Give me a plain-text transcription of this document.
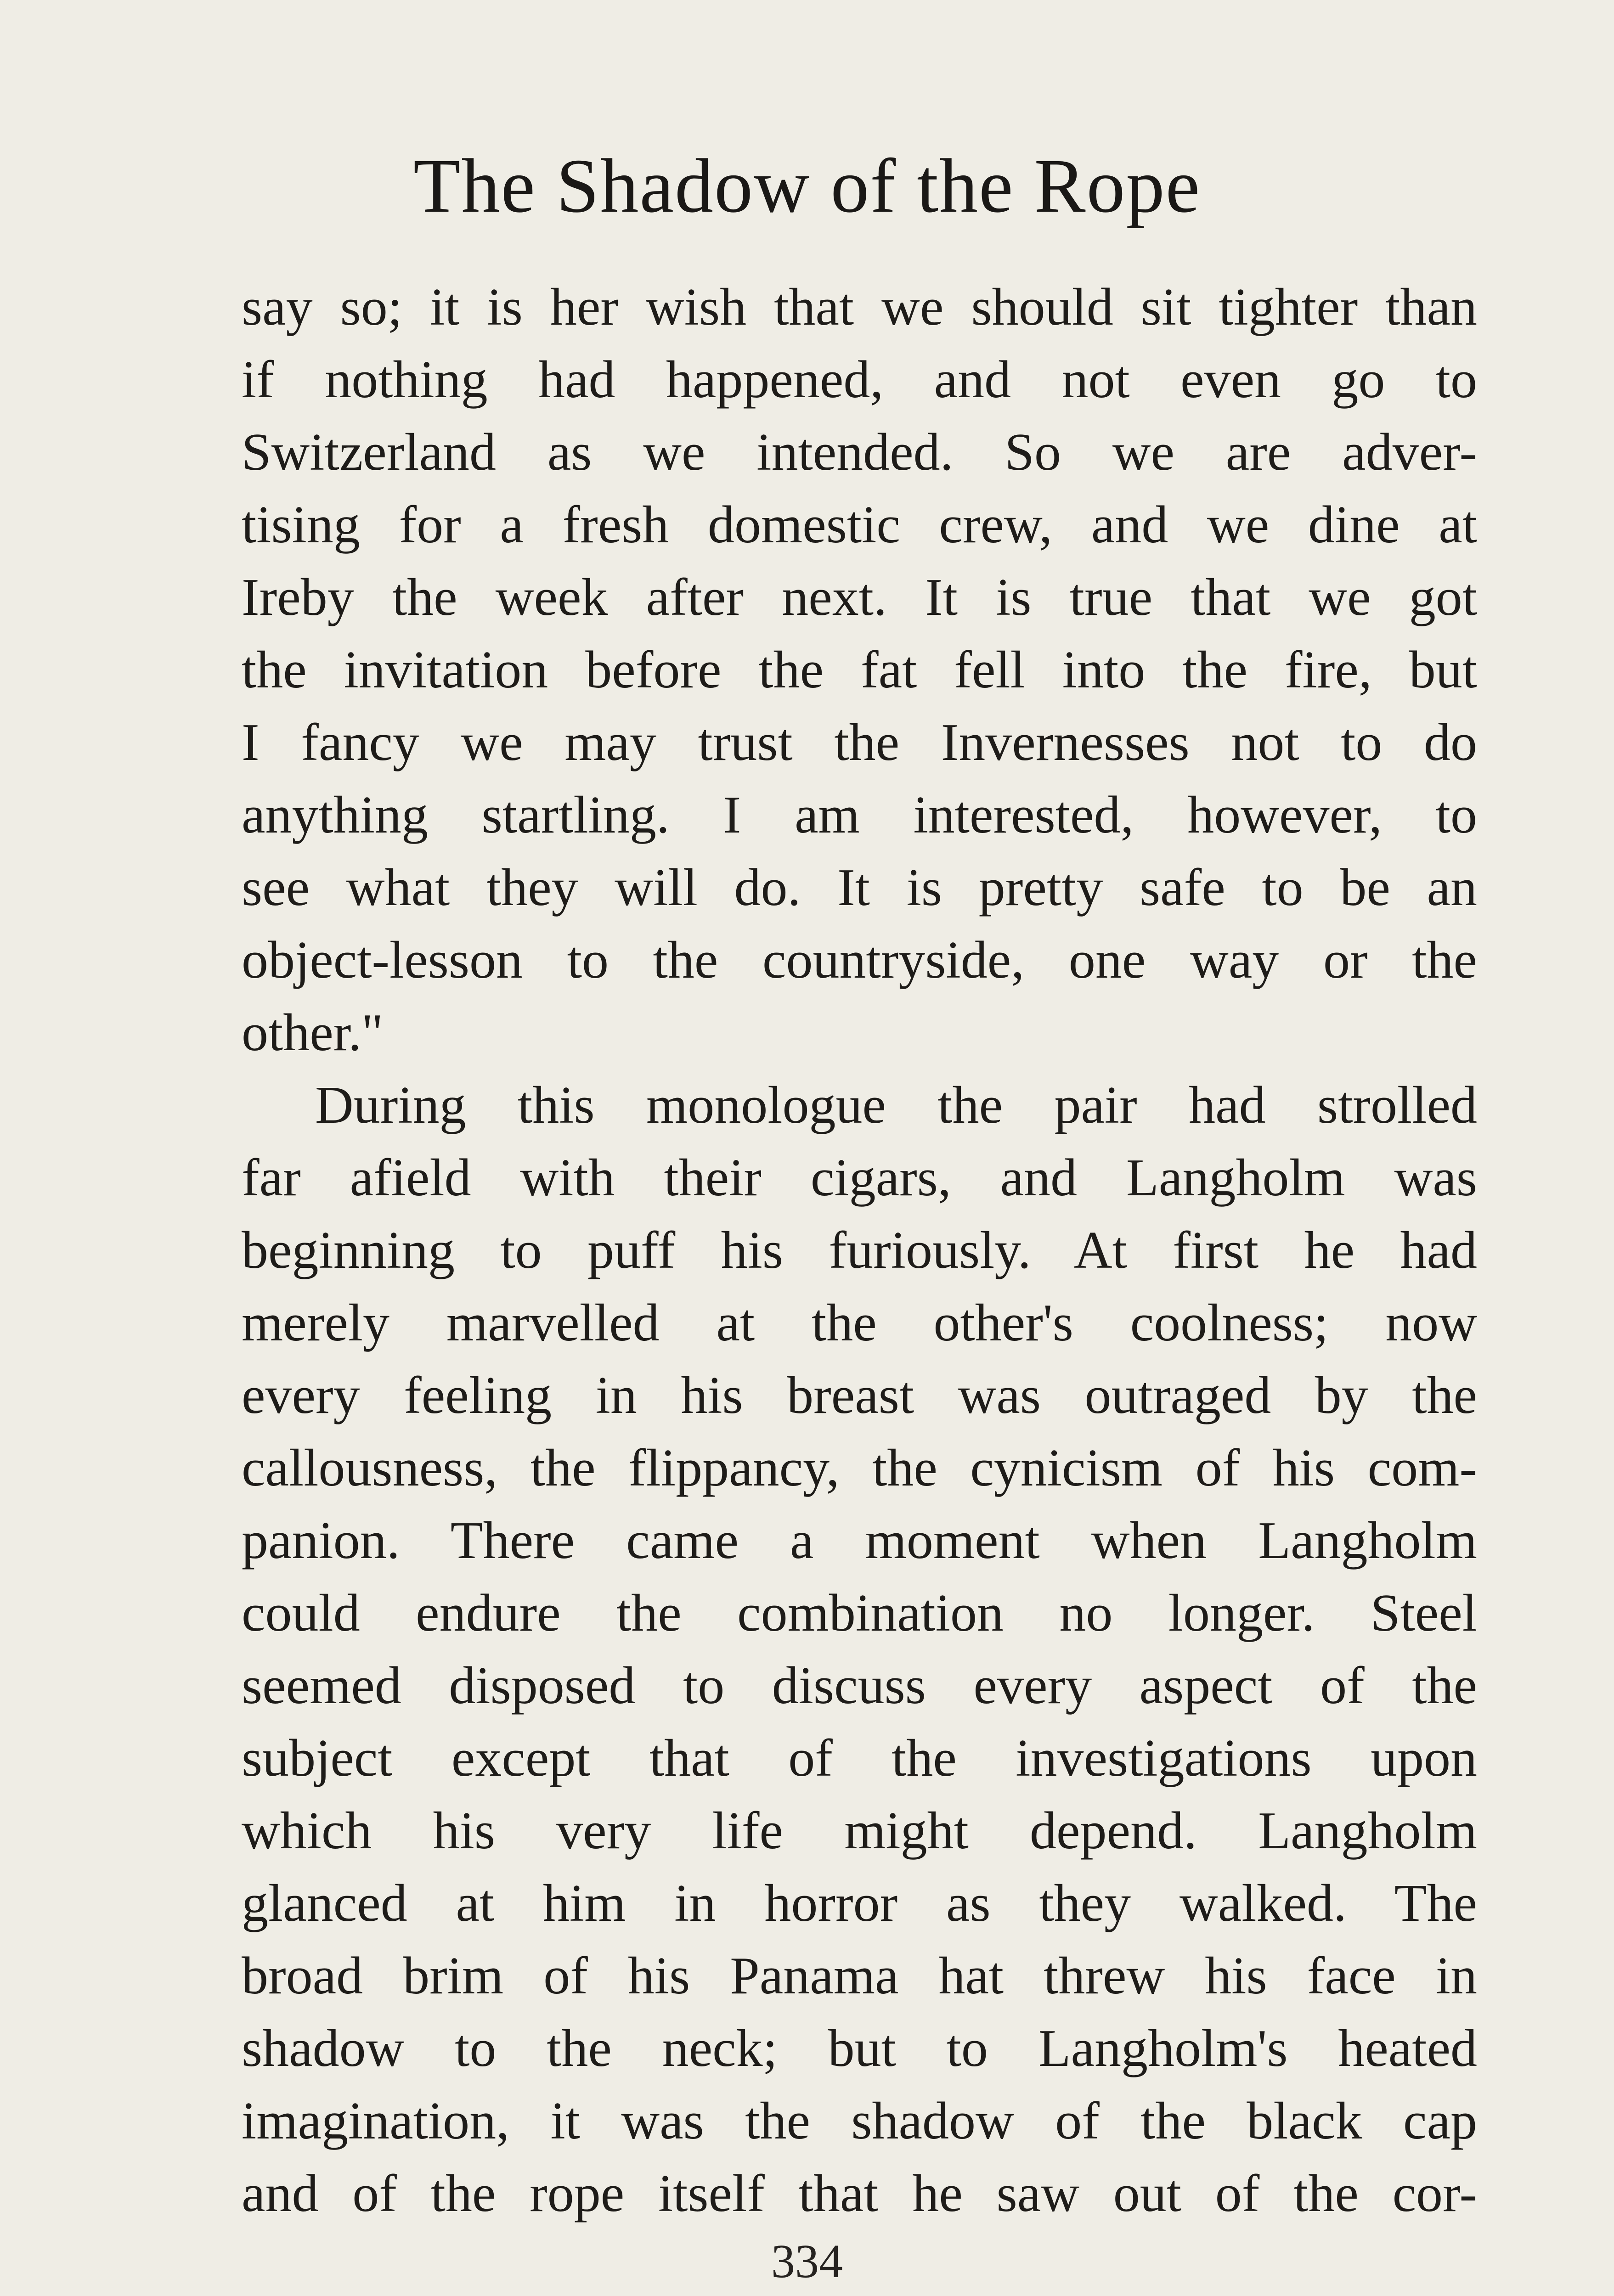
The Shadow of the Rope
say so; it is her wish that we should sit tighter than
if nothing had happened, and not even go to
Switzerland as we intended. So we are adver-
tising for a fresh domestic crew, and we dine at
Ireby the week after next. It is true that we got
the invitation before the fat fell into the fire, but
I fancy we may trust the Invernesses not to do
anything startling. I am interested, however, to
see what they will do. It is pretty safe to be an
object-lesson to the countryside, one way or the
other."
During this monologue the pair had strolled
far afield with their cigars, and Langholm was
beginning to puff his furiously. At first he had
merely marvelled at the other's coolness; now
every feeling in his breast was outraged by the
callousness, the flippancy, the cynicism of his com-
panion. There came a moment when Langholm
could endure the combination no longer. Steel
seemed disposed to discuss every aspect of the
subject except that of the investigations upon
which his very life might depend. Langholm
glanced at him in horror as they walked. The
broad brim of his Panama hat threw his face in
shadow to the neck; but to Langholm's heated
imagination, it was the shadow of the black cap
and of the rope itself that he saw out of the cor-
334
